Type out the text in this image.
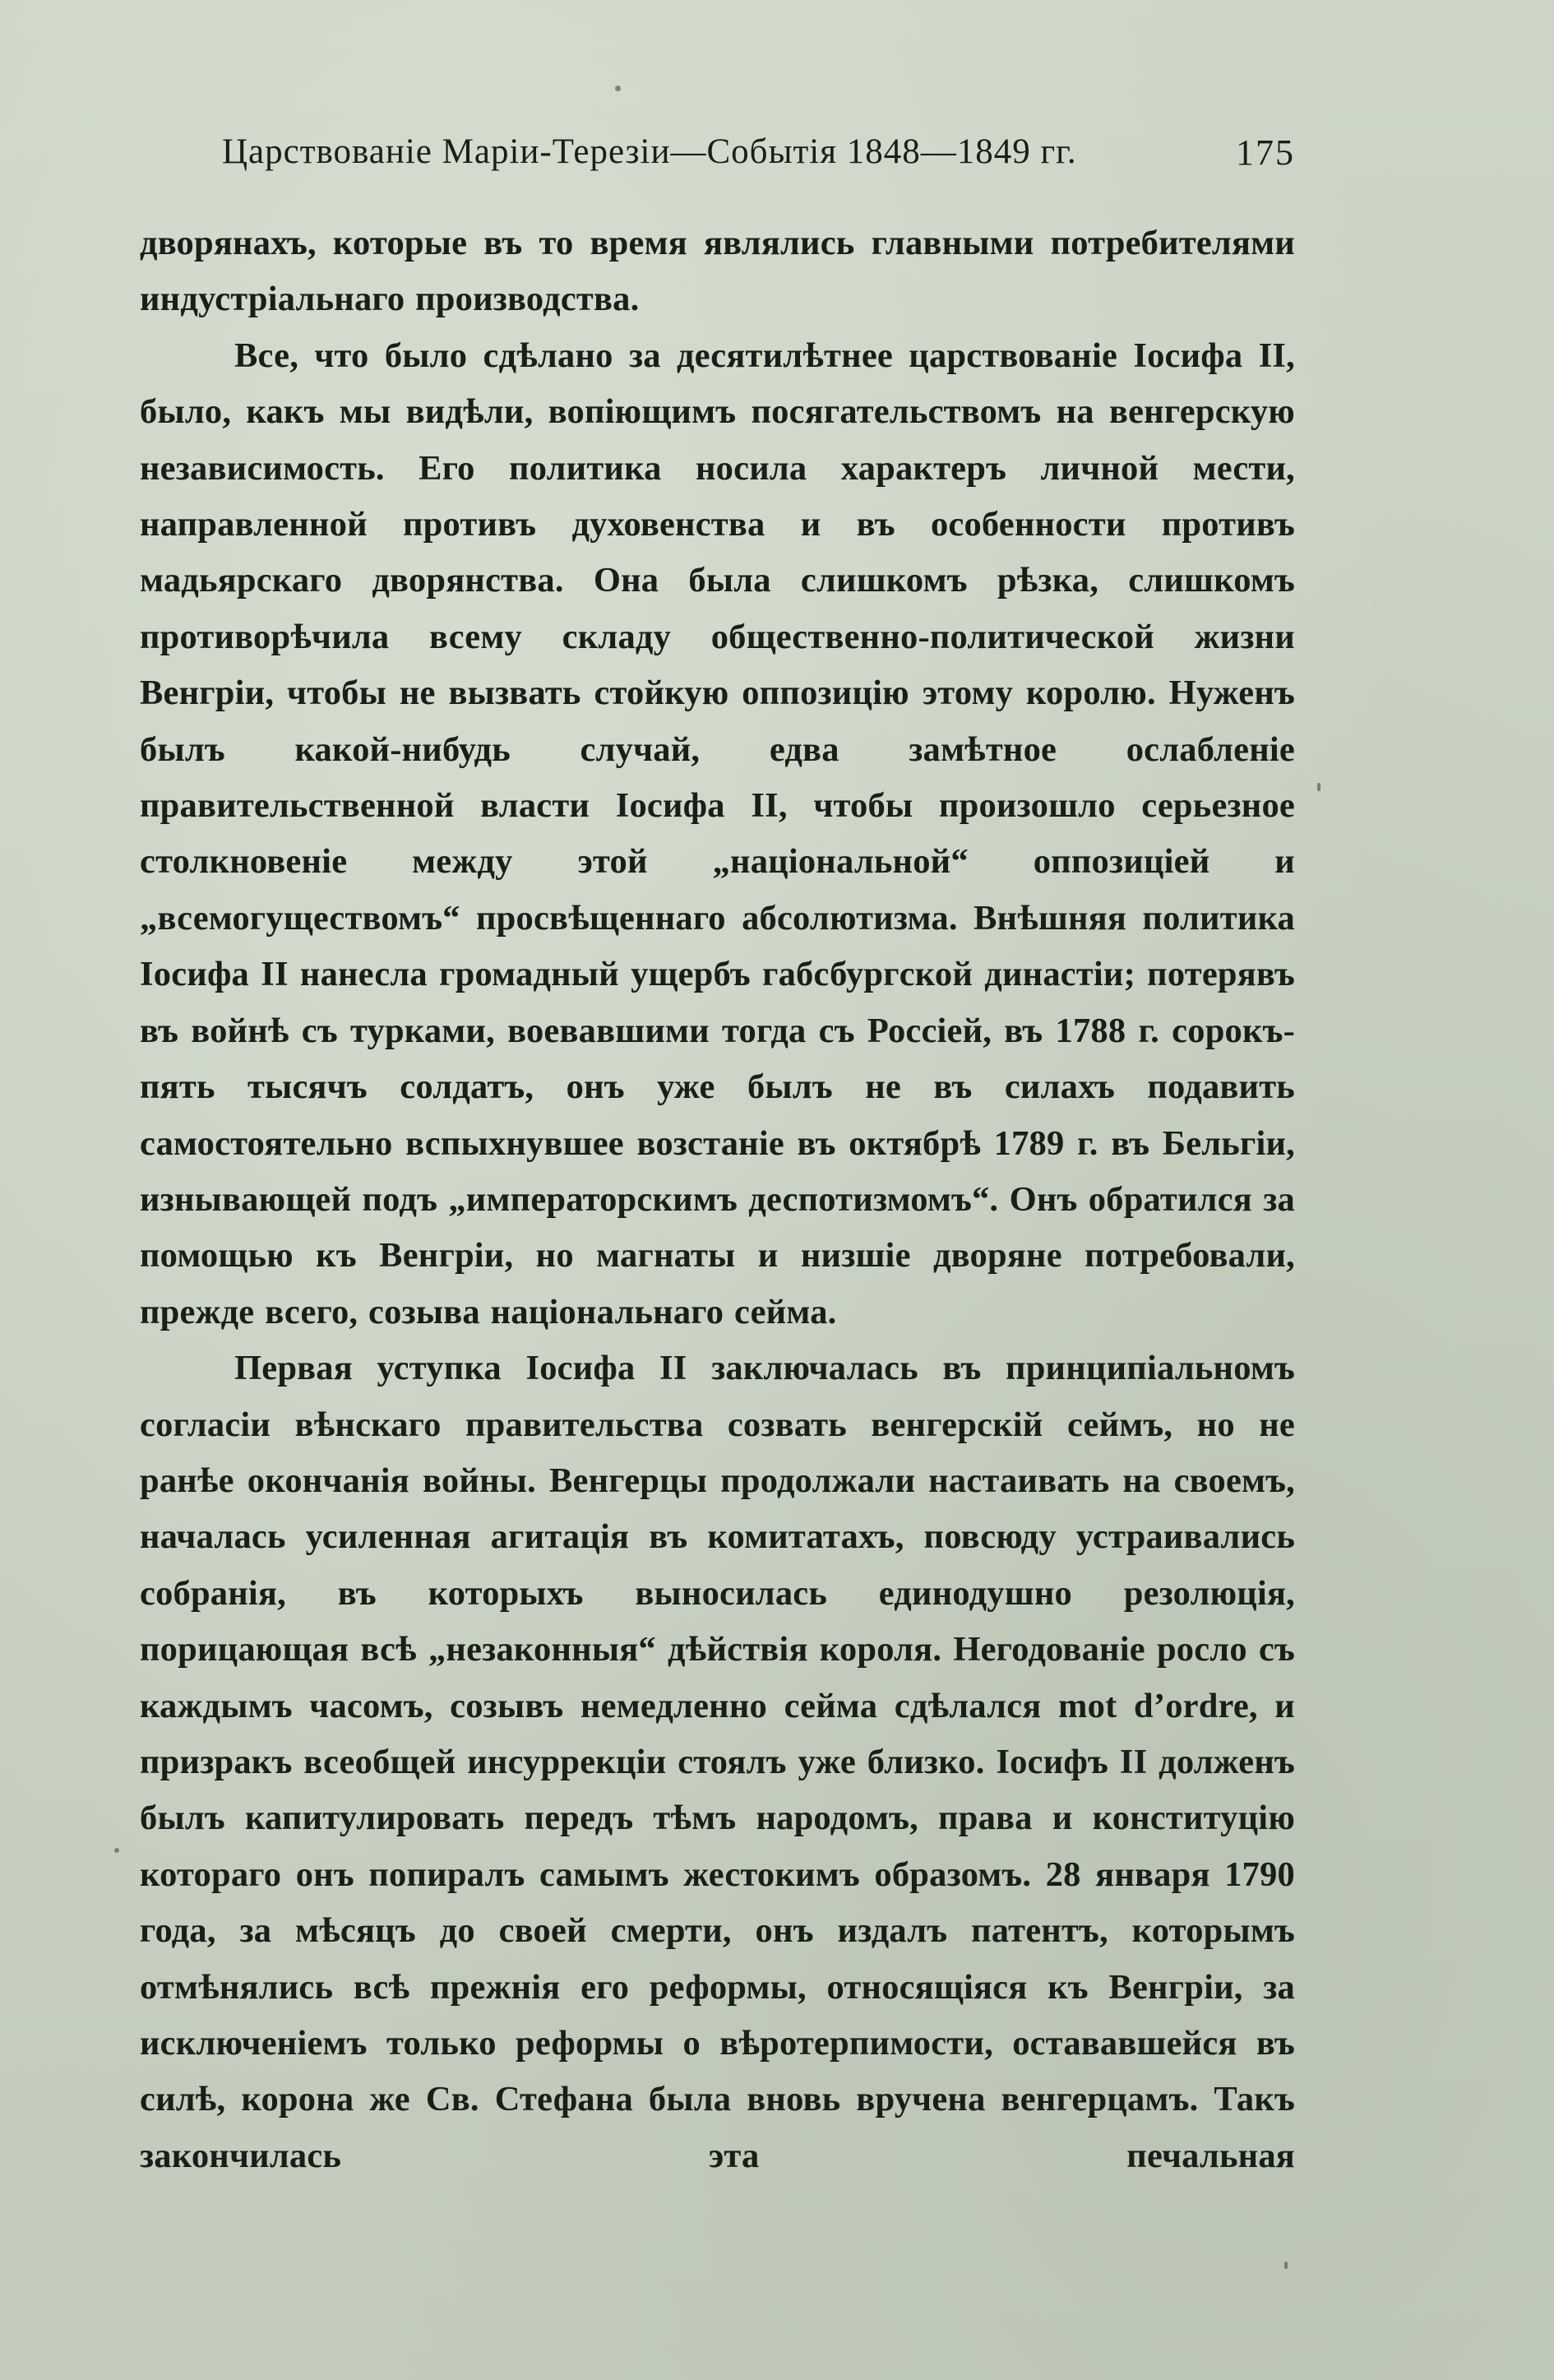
Царствованіе Маріи-Терезіи—Событія 1848—1849 гг.	175

дворянахъ, которые въ то время являлись главными потребителями индустріальнаго производства.

Все, что было сдѣлано за десятилѣтнее царствованіе Іосифа II, было, какъ мы видѣли, вопіющимъ посягательствомъ на венгерскую независимость. Его политика носила характеръ личной мести, направленной противъ духовенства и въ особенности противъ мадьярскаго дворянства. Она была слишкомъ рѣзка, слишкомъ противорѣчила всему складу общественно-политической жизни Венгріи, чтобы не вызвать стойкую оппозицію этому королю. Нуженъ былъ какой-нибудь случай, едва замѣтное ослабленіе правительственной власти Іосифа II, чтобы произошло серьезное столкновеніе между этой „національной“ оппозиціей и „всемогуществомъ“ просвѣщеннаго абсолютизма. Внѣшняя политика Іосифа II нанесла громадный ущербъ габсбургской династіи; потерявъ въ войнѣ съ турками, воевавшими тогда съ Россіей, въ 1788 г. сорокъ-пять тысячъ солдатъ, онъ уже былъ не въ силахъ подавить самостоятельно вспыхнувшее возстаніе въ октябрѣ 1789 г. въ Бельгіи, изнывающей подъ „императорскимъ деспотизмомъ“. Онъ обратился за помощью къ Венгріи, но магнаты и низшіе дворяне потребовали, прежде всего, созыва національнаго сейма.

Первая уступка Іосифа II заключалась въ принципіальномъ согласіи вѣнскаго правительства созвать венгерскій сеймъ, но не ранѣе окончанія войны. Венгерцы продолжали настаивать на своемъ, началась усиленная агитація въ комитатахъ, повсюду устраивались собранія, въ которыхъ выносилась единодушно резолюція, порицающая всѣ „незаконныя“ дѣйствія короля. Негодованіе росло съ каждымъ часомъ, созывъ немедленно сейма сдѣлался mot d’ordre, и призракъ всеобщей инсуррекціи стоялъ уже близко. Іосифъ II долженъ былъ капитулировать передъ тѣмъ народомъ, права и конституцію котораго онъ попиралъ самымъ жестокимъ образомъ. 28 января 1790 года, за мѣсяцъ до своей смерти, онъ издалъ патентъ, которымъ отмѣнялись всѣ прежнія его реформы, относящіяся къ Венгріи, за исключеніемъ только реформы о вѣротерпимости, остававшейся въ силѣ, корона же Св. Стефана была вновь вручена венгерцамъ. Такъ закончилась эта печальная
